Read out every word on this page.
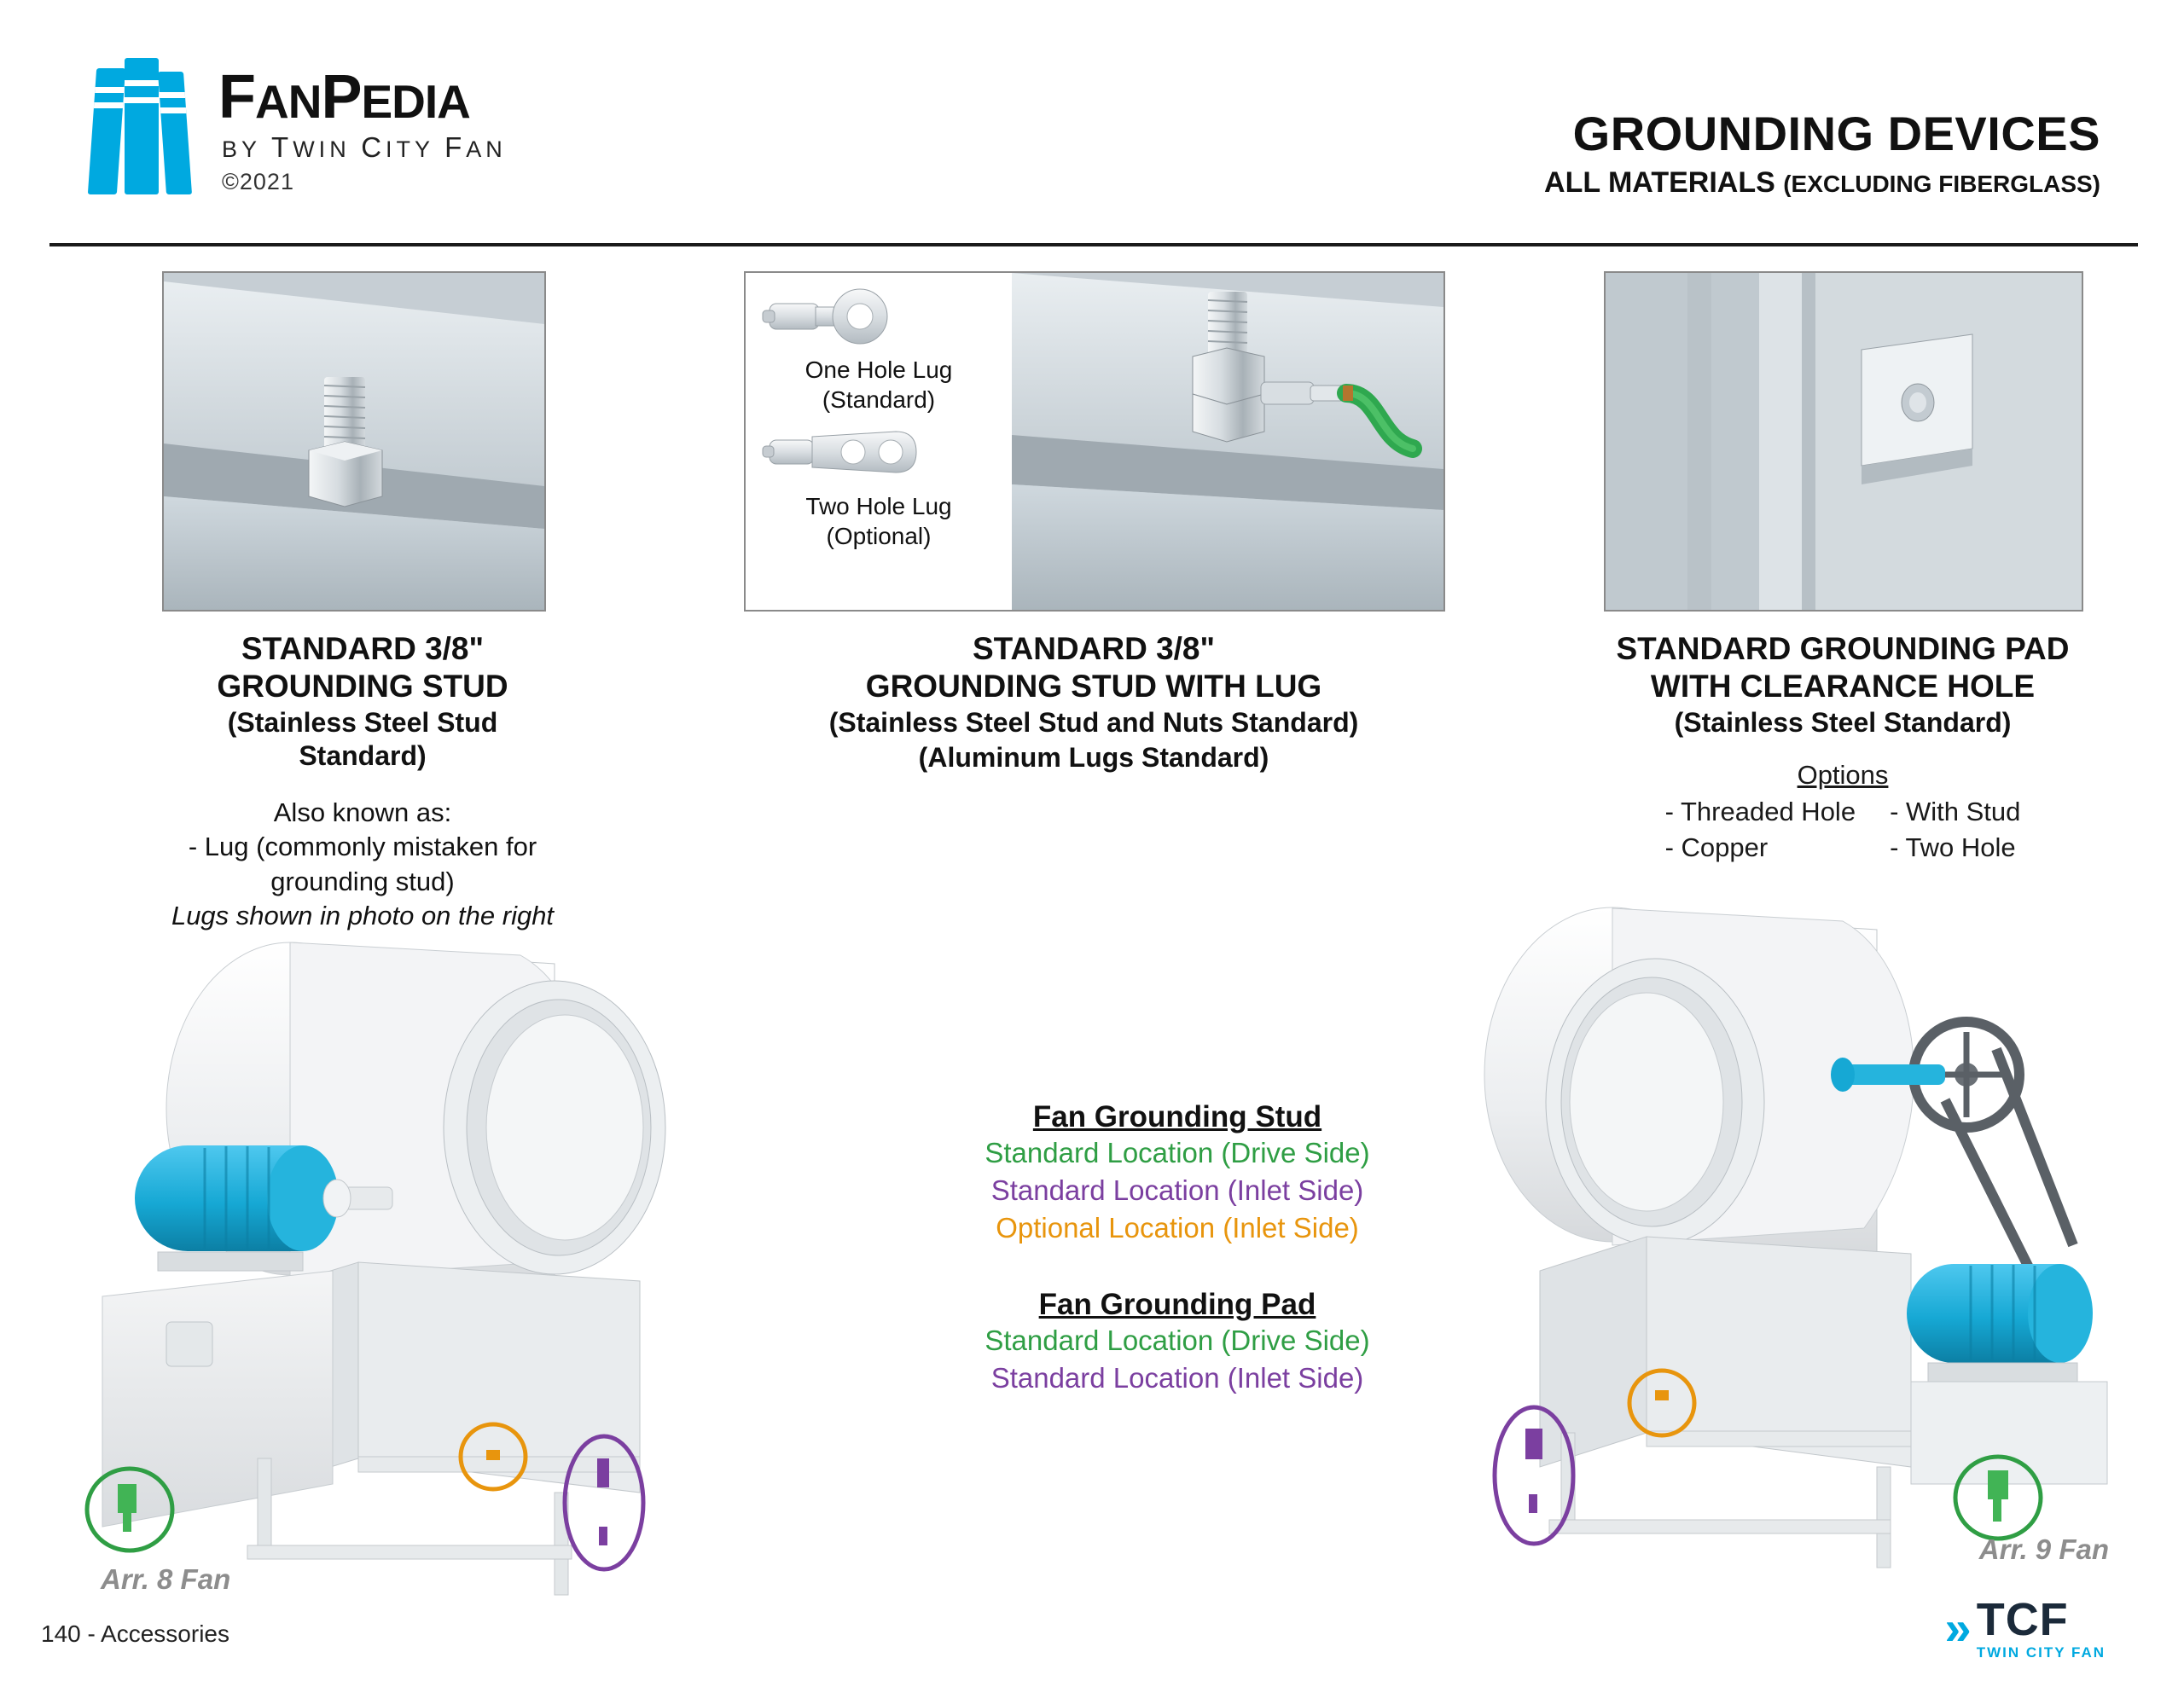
FANPEDIA
BY TWIN CITY FAN
©2021
GROUNDING DEVICES
ALL MATERIALS (EXCLUDING FIBERGLASS)
STANDARD 3/8"
GROUNDING STUD
(Stainless Steel Stud Standard)
Also known as:
- Lug (commonly mistaken for grounding stud)
Lugs shown in photo on the right
One Hole Lug
(Standard)
Two Hole Lug
(Optional)
STANDARD 3/8"
GROUNDING STUD WITH LUG
(Stainless Steel Stud and Nuts Standard)
(Aluminum Lugs Standard)
STANDARD GROUNDING PAD
WITH CLEARANCE HOLE
(Stainless Steel Standard)
Options
- Threaded Hole
- Copper
- With Stud
- Two Hole
Fan Grounding Stud
Standard Location (Drive Side)
Standard Location (Inlet Side)
Optional Location (Inlet Side)
Fan Grounding Pad
Standard Location (Drive Side)
Standard Location (Inlet Side)
Arr. 8 Fan
Arr. 9 Fan
140 - Accessories	» TCF
TWIN CITY FAN
